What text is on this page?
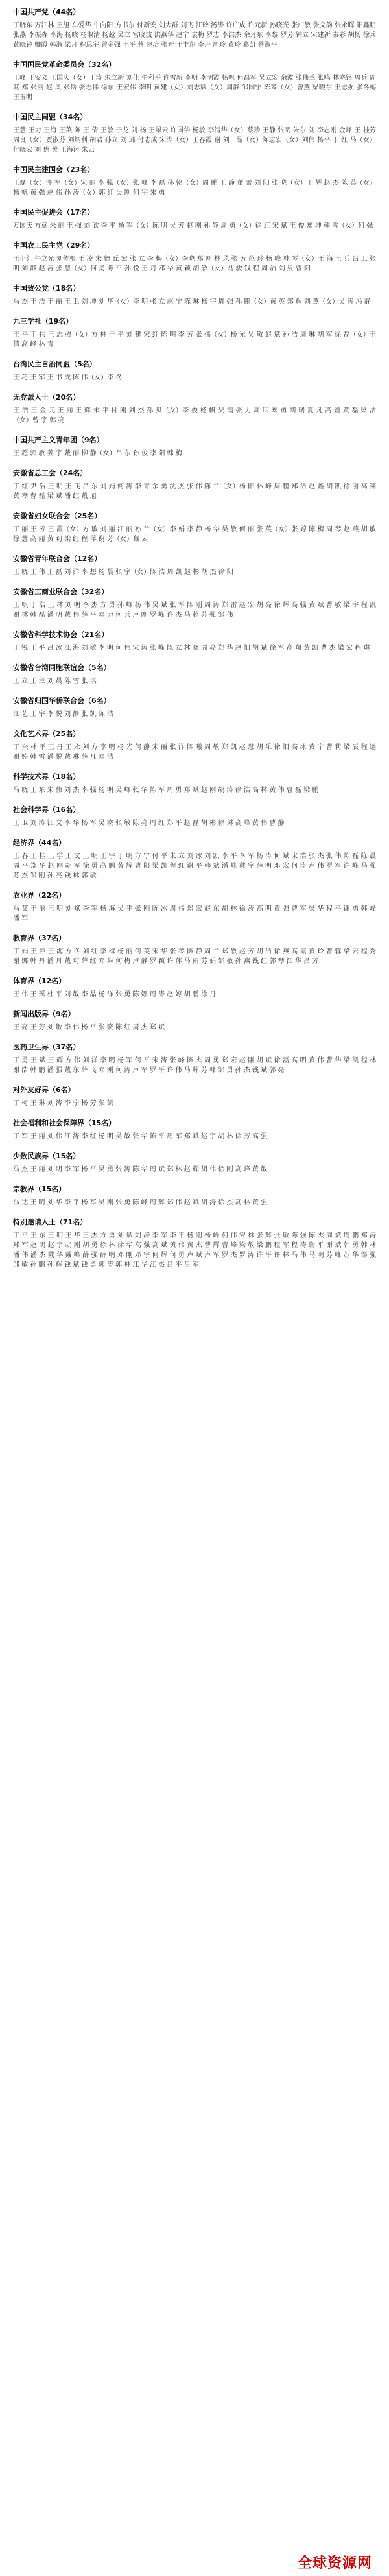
中国共产党（44名）
丁晓东 万江林 王旭 车爱华 牛向阳 方书东 付新安 刘大群 刘飞 江玲 汤涛 许广成 许元新 孙晓光 张广敏 张文韵 张永晖 阳鑫明 张燕 李振森 李海 杨晓 杨淑清 杨越 吴立 宫晓波 洪燕华 赵宁 袁梅 罗志 李洪杰 余月东 李黎 罗芳 钟立 宋建新 秦彩 胡杨 徐兵 黄晓钟 卿霞 韩淑 梁月 程思宇 曾金强 王平 蔡 赵培 张开 王丰东 李丹 周玲 黄玲 葛凯 蔡淑平
中国国民党革命委员会（32名）
王峰 王安义 王国庆（女）王涛 朱立新 刘佳 牛利平 许雪新 李明 李明霞 杨帆 何昌军 吴立宏 余波 张伟兰 张鸣 林晓铭 周兵 周其 郑 张丽 赵 凤 张岳 张志伟 徐东 王宏伟 李明 黄建（女）刘志斌（女）周静 邹国宁 陈琴（女）曾燕 梁晓东 王志强 张冬梅 王玉明
中国民主同盟（34名）
王慧 王力 王海 王英 陈 王 倩 王敏 于龙 刘 杨 王翠云 许国华 杨敏 李清华（女）蔡珍 王静 张明 朱东 刘 李志刚 金峰 王 桂芳 周良（女）贾淑芬 刘炳利 胡君 孙立 刘 邱 付志成 宋涛（女）王春霞 谢 刘一品（女）陈志宏（女）刘伟 杨平 丁 红 马（女）付晓宏 刘 焦 樊 王海涛 朱云
中国民主建国会（23名）
王磊（女）许 军（女）宋 丽 李 强（女）张 峰 李 磊 孙 铭（女）周 鹏 王 静 董 蕾 刘 阳 张 晓（女）王 辉 赵 杰 陈 英（女）杨 帆 黄 强 赵 伟 孙 涛（女）郭 红 吴 刚 何 宇 朱 勇
中国民主促进会（17名）
万国庆 方章 朱 丽 王 强 刘 欣 李 平 杨 军（女）陈 明 吴 芳 赵 刚 孙 静 周 勇（女）徐 红 宋 斌 王 俊 郑 坤 韩 雪（女）何 强
中国农工民主党（29名）
王小红 牛立光 刘传根 王 凌 朱 德 丘 宏 张 立 李 梅（女）李晓 郑 刚 林 风 张 芳 范 玲 杨 峰 林 琴（女）王 海 王 兵 吕 卫 张 明 刘 静 赵 涛 张 慧（女）何 勇 陈 平 孙 悦 王 丹 邓 华 黄 颖 胡 敏（女）马 骏 钱 程 周 洁 刘 泉 曹 阳
中国致公党（18名）
马 杰 王 浩 王 丽 王 卫 刘 坤 刘 华（女）李 明 张 立 赵 宁 陈 琳 杨 宇 周 强 孙 鹏（女）黄 英 郑 辉 刘 燕（女）吴 涛 冯 静
九三学社（19名）
王 平 丁 伟 王 志 强（女）方 林 于 平 刘 建 宋 红 陈 明 李 芳 张 伟（女）杨 光 吴 敏 赵 斌 孙 浩 周 琳 胡 军 徐 磊（女）王 倩 高 峰 林 青
台湾民主自治同盟（5名）
王 巧 王 军 王 书 成 陈 伟（女）李 冬
无党派人士（20名）
王 浩 王 金 元 王 丽 王 辉 朱 平 付 刚 刘 杰 孙 贝（女）李 俊 杨 帆 吴 霞 张 力 周 明 郑 勇 胡 瑞 夏 凡 高 鑫 黄 磊 梁 洁（女）曾 宇 韩 亮
中国共产主义青年团（9名）
王 超 郭 敏 姜 宇 戴 丽 柳 静（女）吕 东 孙 俊 李 阳 韩 梅
安徽省总工会（24名）
丁 红 尹 浩 王 明 王 飞 吕 东 刘 娟 何 涛 李 青 余 勇 沈 杰 张 伟 陈 兰（女）杨 阳 林 峰 周 鹏 郑 洁 赵 鑫 胡 凯 徐 丽 高 翔 黄 琴 曹 磊 梁 斌 潘 红 戴 旭
安徽省妇女联合会（25名）
丁 丽 王 芳 王 霞（女）方 敏 刘 丽 江 丽 孙 兰（女）李 娟 李 静 杨 华 吴 敏 何 丽 张 英（女）张 婷 陈 梅 周 琴 赵 燕 胡 敏 徐 慧 高 丽 黄 莉 梁 红 程 萍 谢 芳（女）蔡 云
安徽省青年联合会（12名）
王 晓 王 伟 王 磊 刘 洋 李 想 杨 晨 张 宇（女）陈 浩 周 凯 赵 彬 胡 杰 徐 阳
安徽省工商业联合会（32名）
王 帆 丁 浩 王 林 刘 明 李 杰 方 勇 孙 峰 杨 伟 吴 斌 张 军 陈 刚 周 涛 郑 雷 赵 宏 胡 亮 徐 辉 高 强 黄 斌 曹 敏 梁 宇 程 凯 谢 林 韩 磊 潘 明 戴 伟 薛 平 邓 力 何 兵 卢 刚 罗 峰 许 杰 马 超 苏 强 邹 伟
安徽省科学技术协会（21名）
丁 锐 王 平 吕 冰 江 海 刘 敏 李 明 何 伟 宋 涛 张 峰 陈 立 林 晓 周 亮 郑 华 赵 阳 胡 斌 徐 军 高 翔 黄 凯 曹 杰 梁 宏 程 琳
安徽省台湾同胞联谊会（5名）
王 立 王 兰 刘 晨 陈 雪 张 琪
安徽省归国华侨联合会（6名）
江 艺 王 宇 李 悦 刘 静 张 凯 陈 洁
文化艺术界（25名）
丁 兴 林 平 王 丹 王 永 刘 方 李 明 杨 光 何 静 宋 丽 张 洋 陈 曦 周 敏 郑 凯 赵 慧 胡 乐 徐 阳 高 冰 黄 宁 曹 莉 梁 辰 程 远 谢 婷 韩 雪 潘 悦 戴 琳 薛 凡 邓 洁
科学技术界（18名）
马 晓 王 东 朱 伟 刘 杰 李 强 杨 明 吴 峰 张 华 陈 军 周 勇 郑 斌 赵 刚 胡 涛 徐 浩 高 林 黄 伟 曹 磊 梁 鹏
社会科学界（16名）
王 卫 刘 涛 江 文 李 华 杨 军 吴 晓 张 敏 陈 亮 周 红 郑 平 赵 磊 胡 彬 徐 琳 高 峰 黄 伟 曹 静
经济界（44名）
王 春 王 桂 王 学 王 文 王 明 王 宇 丁 明 方 宁 付 平 朱 立 刘 冰 刘 凯 李 平 李 军 杨 涛 何 斌 宋 浩 张 杰 张 伟 陈 磊 陈 晨 周 平 郑 华 赵 刚 胡 军 徐 勇 高 鹏 黄 辉 曹 阳 梁 凯 程 红 谢 平 韩 斌 潘 峰 戴 宇 薛 明 邓 宏 何 涛 卢 伟 罗 军 许 峰 马 强 苏 杰 邹 刚 孙 亮 钱 林 郭 敏
农业界（22名）
马 艾 王 丽 王 明 刘 斌 李 军 杨 海 吴 平 张 刚 陈 冰 周 伟 郑 宏 赵 东 胡 林 徐 涛 高 明 黄 强 曹 军 梁 华 程 平 谢 勇 韩 峰 潘 军
教育界（37名）
丁 娟 王 萍 王 海 方 冬 刘 红 李 梅 杨 丽 何 英 宋 华 张 琴 陈 静 周 兰 郑 敏 赵 芳 胡 洁 徐 燕 高 霞 黄 玲 曹 蓉 梁 云 程 秀 谢 娜 韩 丹 潘 月 戴 莉 薛 红 邓 琳 何 梅 卢 静 罗 颖 许 萍 马 丽 苏 娟 邹 敏 孙 燕 钱 红 郭 琴 江 华 吕 芳
体育界（12名）
王 伟 王 瑶 杜 平 刘 敏 李 晶 杨 洋 张 勇 陈 娜 周 涛 赵 婷 胡 鹏 徐 丹
新闻出版界（9名）
王 亮 王 芳 刘 敏 李 伟 杨 平 张 晓 陈 红 周 杰 郑 斌
医药卫生界（37名）
丁 勇 王 斌 王 辉 方 伟 刘 洋 李 明 杨 军 何 平 宋 涛 张 峰 陈 杰 周 勇 郑 宏 赵 刚 胡 斌 徐 磊 高 明 黄 伟 曹 华 梁 凯 程 林 谢 浩 韩 鹏 潘 强 戴 东 薛 飞 邓 刚 何 涛 卢 军 罗 平 许 伟 马 辉 苏 峰 邹 勇 孙 杰 钱 斌 郭 亮
对外友好界（6名）
丁 梅 王 琳 刘 涛 李 宁 杨 芳 张 凯
社会福利和社会保障界（15名）
丁 军 王 丽 刘 伟 江 涛 李 红 杨 明 吴 敏 张 华 陈 平 周 军 郑 斌 赵 宇 胡 林 徐 芳 高 强
少数民族界（15名）
马 杰 王 丽 刘 明 李 军 杨 平 吴 勇 张 涛 陈 华 周 斌 郑 林 赵 辉 胡 伟 徐 刚 高 峰 黄 敏
宗教界（15名）
马 达 王 明 刘 华 李 平 杨 军 吴 刚 张 勇 陈 峰 周 辉 郑 伟 赵 斌 胡 涛 徐 杰 高 林 黄 强
特别邀请人士（71名）
丁 平 王 东 王 明 王 华 王 杰 方 勇 刘 斌 刘 涛 李 军 李 平 杨 刚 杨 峰 何 伟 宋 林 张 辉 张 敏 陈 强 陈 杰 周 斌 周 鹏 郑 涛 郑 军 赵 明 赵 宇 胡 刚 胡 勇 徐 林 徐 华 高 强 高 斌 黄 伟 黄 杰 曹 辉 曹 峰 梁 敏 梁 鹏 程 军 程 涛 谢 平 谢 斌 韩 勇 韩 林 潘 伟 潘 杰 戴 华 戴 峰 薛 强 薛 明 邓 刚 邓 宇 何 辉 何 勇 卢 斌 卢 军 罗 杰 罗 涛 许 平 许 林 马 伟 马 明 苏 峰 苏 华 邹 强 邹 敏 孙 鹏 孙 辉 钱 斌 钱 勇 郭 涛 郭 林 江 华 江 杰 吕 平 吕 军
全球资源网
